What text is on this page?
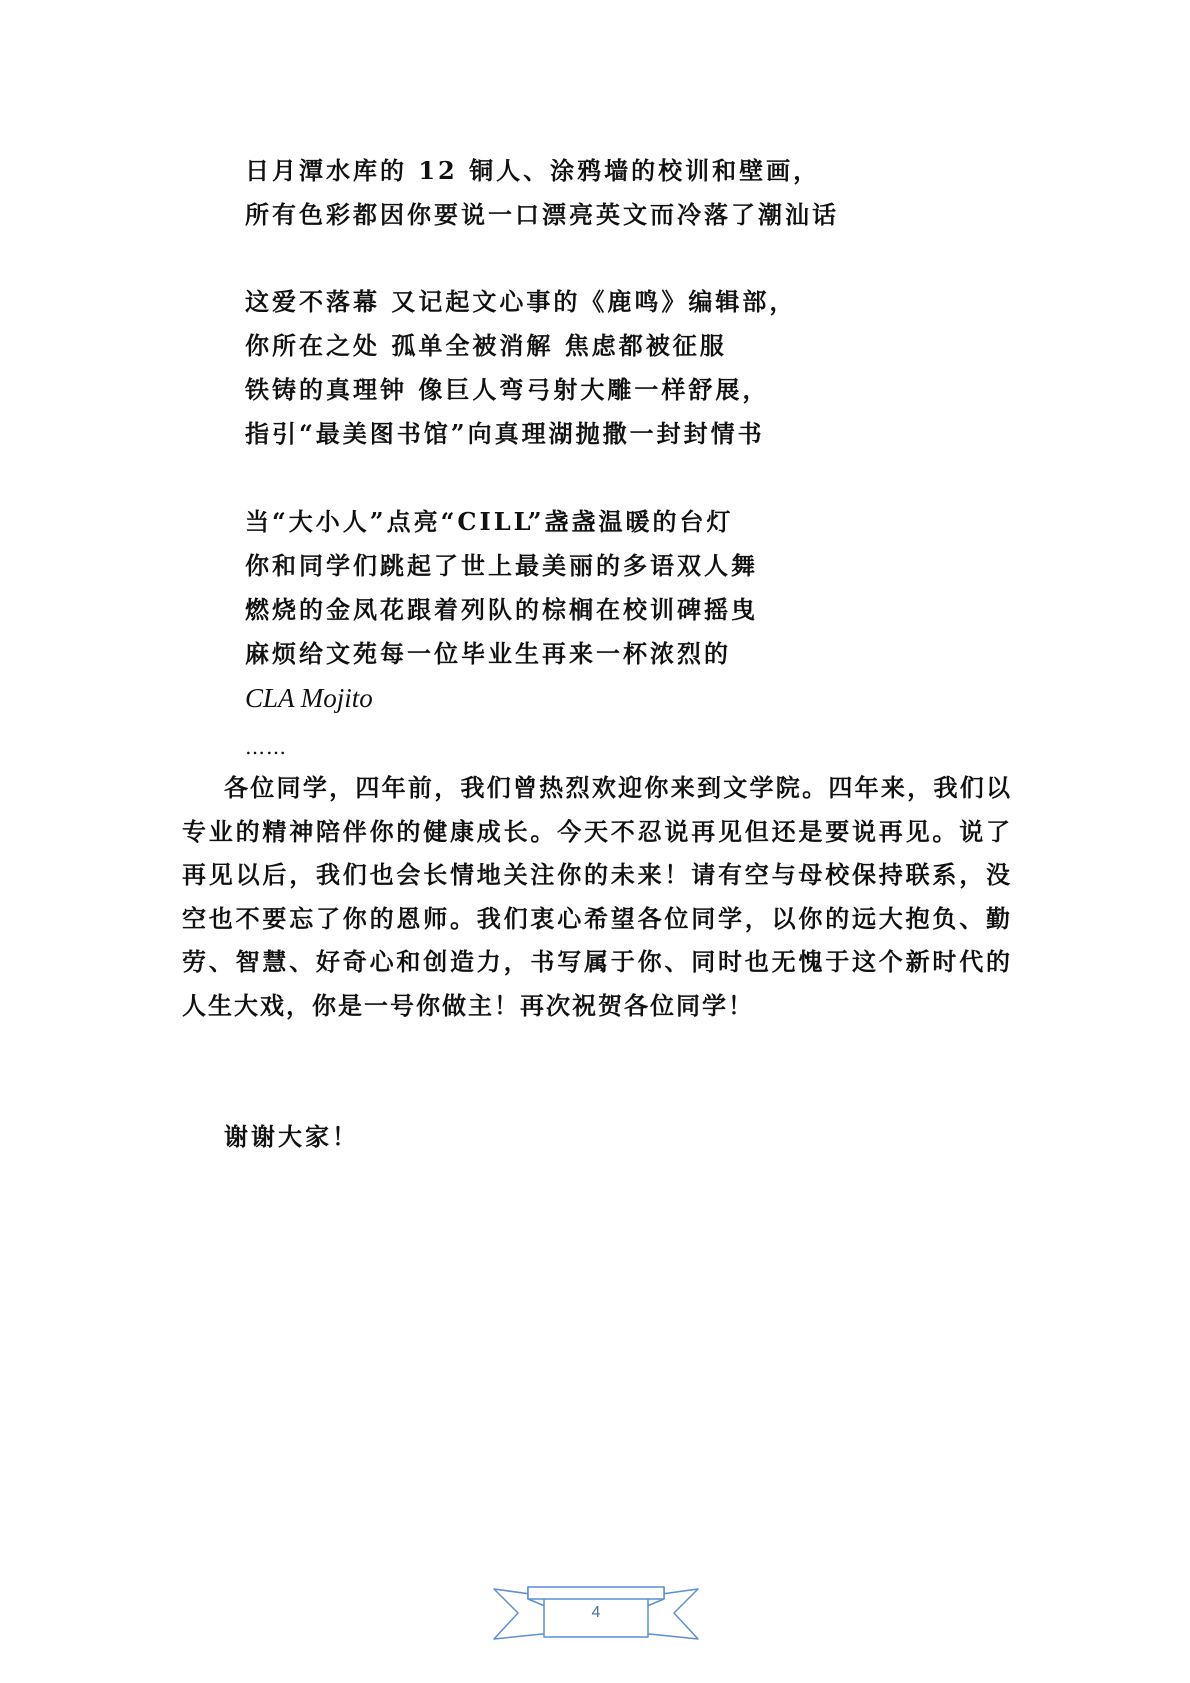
日月潭水库的 12 铜人、涂鸦墙的校训和壁画，
所有色彩都因你要说一口漂亮英文而冷落了潮汕话
这爱不落幕 又记起文心事的《鹿鸣》编辑部，
你所在之处 孤单全被消解 焦虑都被征服
铁铸的真理钟 像巨人弯弓射大雕一样舒展，
指引“最美图书馆”向真理湖抛撒一封封情书
当“大小人”点亮“CILL”盏盏温暖的台灯
你和同学们跳起了世上最美丽的多语双人舞
燃烧的金凤花跟着列队的棕榈在校训碑摇曳
麻烦给文苑每一位毕业生再来一杯浓烈的
CLA Mojito
……

各位同学，四年前，我们曾热烈欢迎你来到文学院。四年来，我们以专业的精神陪伴你的健康成长。今天不忍说再见但还是要说再见。说了再见以后，我们也会长情地关注你的未来！请有空与母校保持联系，没空也不要忘了你的恩师。我们衷心希望各位同学，以你的远大抱负、勤劳、智慧、好奇心和创造力，书写属于你、同时也无愧于这个新时代的人生大戏，你是一号你做主！再次祝贺各位同学！

谢谢大家！
4
